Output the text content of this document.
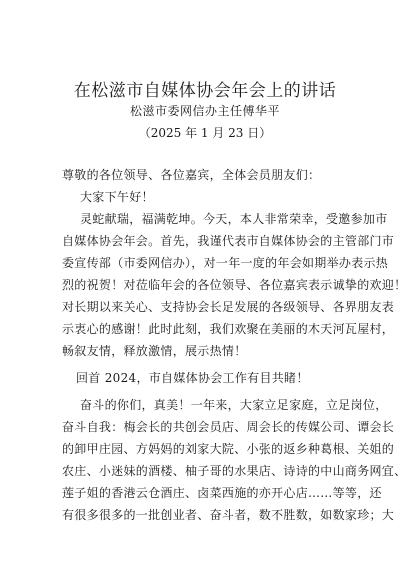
在松滋市自媒体协会年会上的讲话
松滋市委网信办主任傅华平
（2025 年 1 月 23 日）
尊敬的各位领导、各位嘉宾，全体会员朋友们：
大家下午好！
灵蛇献瑞，福满乾坤。今天，本人非常荣幸，受邀参加市
自媒体协会年会。首先，我谨代表市自媒体协会的主管部门市
委宣传部（市委网信办），对一年一度的年会如期举办表示热
烈的祝贺！对莅临年会的各位领导、各位嘉宾表示诚挚的欢迎！
对长期以来关心、支持协会长足发展的各级领导、各界朋友表
示衷心的感谢！此时此刻，我们欢聚在美丽的木天河瓦屋村，
畅叙友情，释放激情，展示热情！
回首 2024，市自媒体协会工作有目共睹！
奋斗的你们，真美！一年来，大家立足家庭，立足岗位，
奋斗自我：梅会长的共创会员店、周会长的传媒公司、谭会长
的卸甲庄园、方妈妈的刘家大院、小张的返乡种葛根、关姐的
农庄、小迷妹的酒楼、柚子哥的水果店、诗诗的中山商务网宜、
莲子姐的香港云仓酒庄、卤菜西施的亦开心店……等等，还
有很多很多的一批创业者、奋斗者，数不胜数，如数家珍；大
